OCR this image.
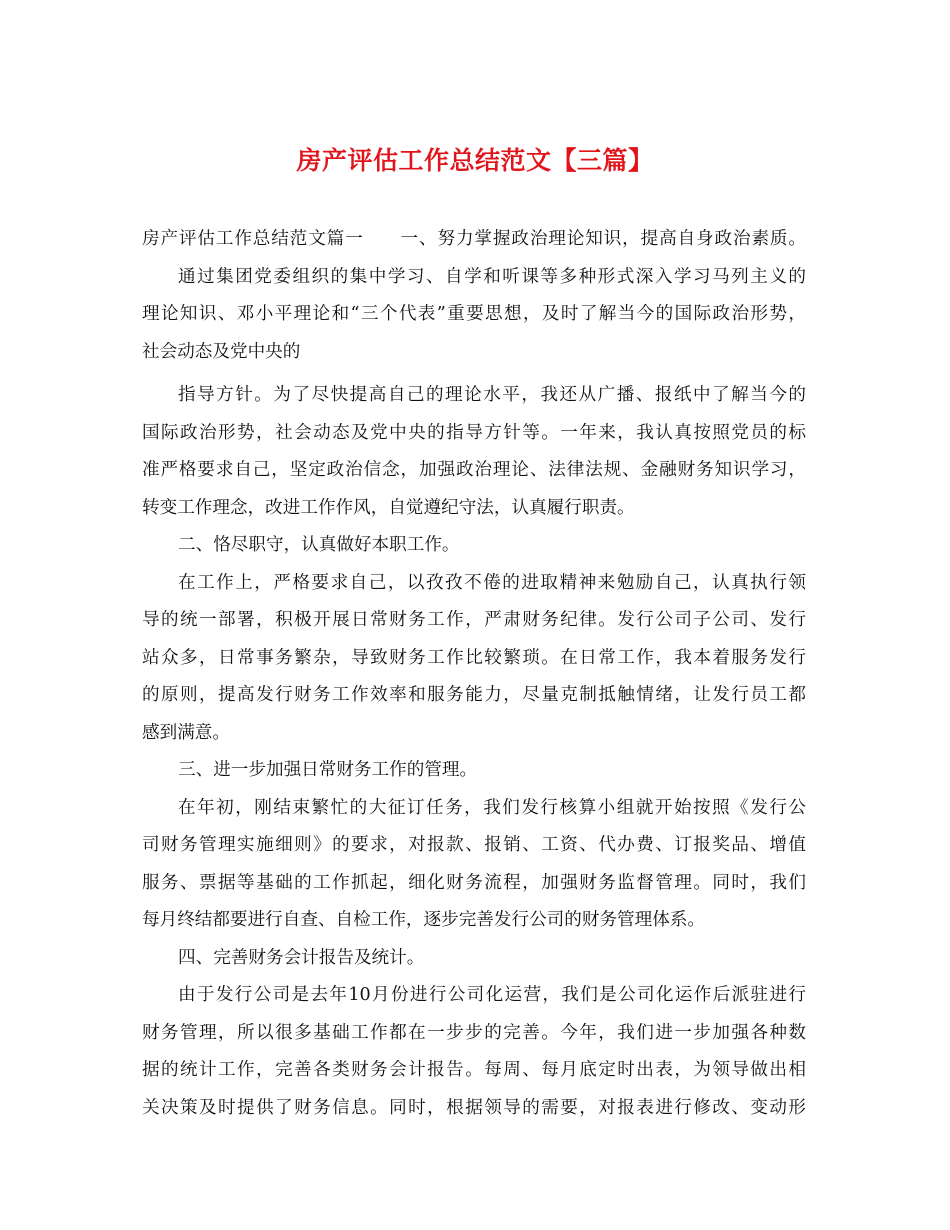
房产评估工作总结范文【三篇】
房产评估工作总结范文篇一　　一、努力掌握政治理论知识，提高自身政治素质。
通过集团党委组织的集中学习、自学和听课等多种形式深入学习马列主义的
理论知识、邓小平理论和“三个代表”重要思想，及时了解当今的国际政治形势，
社会动态及党中央的
指导方针。为了尽快提高自己的理论水平，我还从广播、报纸中了解当今的
国际政治形势，社会动态及党中央的指导方针等。一年来，我认真按照党员的标
准严格要求自己，坚定政治信念，加强政治理论、法律法规、金融财务知识学习，
转变工作理念，改进工作作风，自觉遵纪守法，认真履行职责。
二、恪尽职守，认真做好本职工作。
在工作上，严格要求自己，以孜孜不倦的进取精神来勉励自己，认真执行领
导的统一部署，积极开展日常财务工作，严肃财务纪律。发行公司子公司、发行
站众多，日常事务繁杂，导致财务工作比较繁琐。在日常工作，我本着服务发行
的原则，提高发行财务工作效率和服务能力，尽量克制抵触情绪，让发行员工都
感到满意。
三、进一步加强日常财务工作的管理。
在年初，刚结束繁忙的大征订任务，我们发行核算小组就开始按照《发行公
司财务管理实施细则》的要求，对报款、报销、工资、代办费、订报奖品、增值
服务、票据等基础的工作抓起，细化财务流程，加强财务监督管理。同时，我们
每月终结都要进行自查、自检工作，逐步完善发行公司的财务管理体系。
四、完善财务会计报告及统计。
由于发行公司是去年10月份进行公司化运营，我们是公司化运作后派驻进行
财务管理，所以很多基础工作都在一步步的完善。今年，我们进一步加强各种数
据的统计工作，完善各类财务会计报告。每周、每月底定时出表，为领导做出相
关决策及时提供了财务信息。同时，根据领导的需要，对报表进行修改、变动形
